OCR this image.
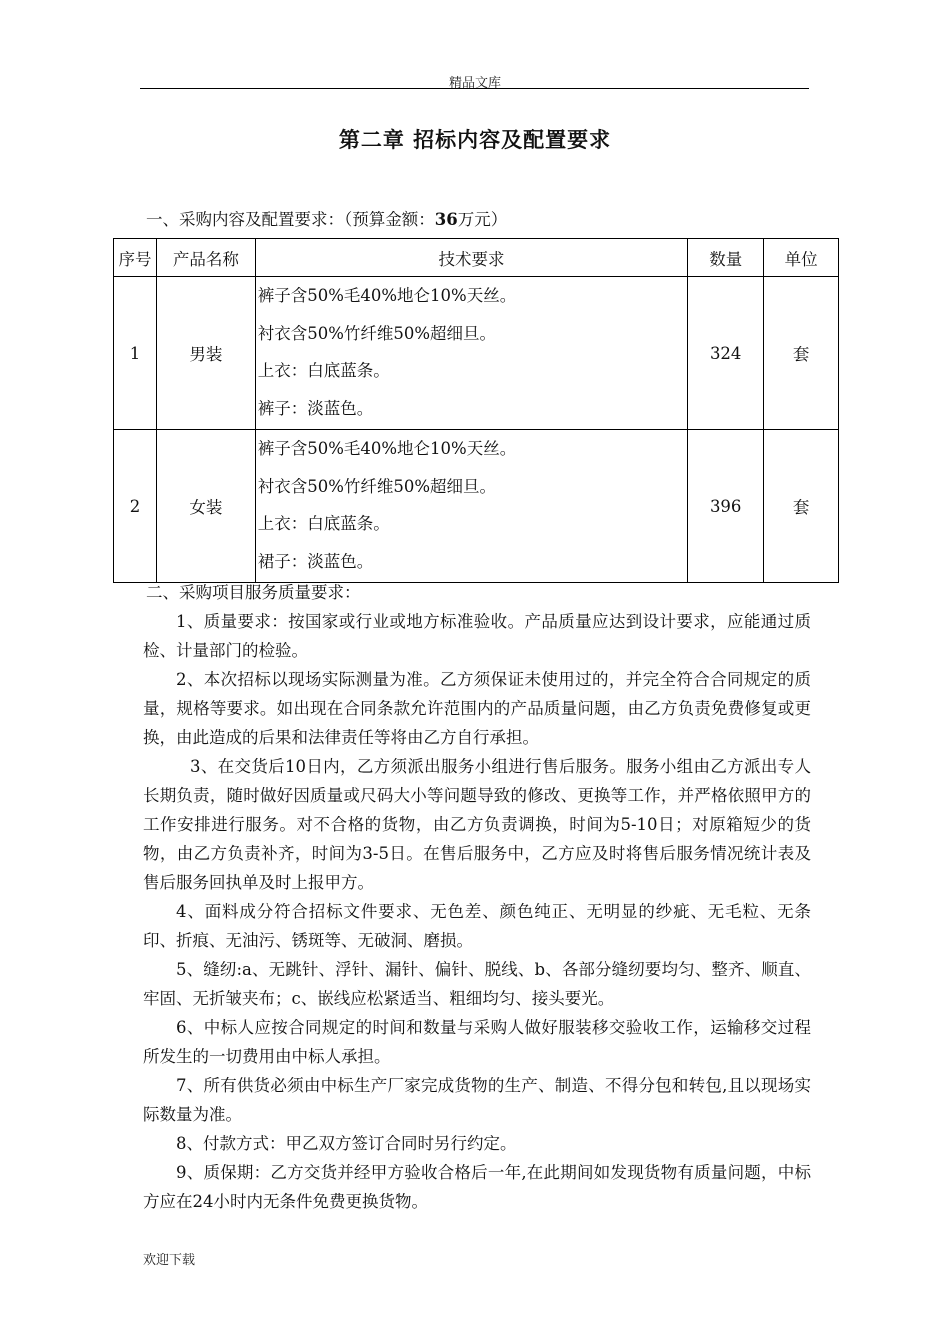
精品文库
第二章 招标内容及配置要求
一、采购内容及配置要求：（预算金额：36万元）
序号	产品名称	技术要求	数量	单位
1	男装	裤子含50%毛40%地仑10%天丝。
衬衣含50%竹纤维50%超细旦。
上衣：白底蓝条。
裤子：淡蓝色。	324	套
2	女装	裤子含50%毛40%地仑10%天丝。
衬衣含50%竹纤维50%超细旦。
上衣：白底蓝条。
裙子：淡蓝色。	396	套

二、采购项目服务质量要求：

1、质量要求：按国家或行业或地方标准验收。产品质量应达到设计要求，应能通过质检、计量部门的检验。

2、本次招标以现场实际测量为准。乙方须保证未使用过的，并完全符合合同规定的质量，规格等要求。如出现在合同条款允许范围内的产品质量问题，由乙方负责免费修复或更换，由此造成的后果和法律责任等将由乙方自行承担。

3、在交货后10日内，乙方须派出服务小组进行售后服务。服务小组由乙方派出专人长期负责，随时做好因质量或尺码大小等问题导致的修改、更换等工作，并严格依照甲方的工作安排进行服务。对不合格的货物，由乙方负责调换，时间为5-10日；对原箱短少的货物，由乙方负责补齐，时间为3-5日。在售后服务中，乙方应及时将售后服务情况统计表及售后服务回执单及时上报甲方。

4、面料成分符合招标文件要求、无色差、颜色纯正、无明显的纱疵、无毛粒、无条印、折痕、无油污、锈斑等、无破洞、磨损。

5、缝纫:a、无跳针、浮针、漏针、偏针、脱线、b、各部分缝纫要均匀、整齐、顺直、牢固、无折皱夹布；c、嵌线应松紧适当、粗细均匀、接头要光。

6、中标人应按合同规定的时间和数量与采购人做好服装移交验收工作，运输移交过程所发生的一切费用由中标人承担。

7、所有供货必须由中标生产厂家完成货物的生产、制造、不得分包和转包,且以现场实际数量为准。

8、付款方式：甲乙双方签订合同时另行约定。

9、质保期：乙方交货并经甲方验收合格后一年,在此期间如发现货物有质量问题，中标方应在24小时内无条件免费更换货物。

欢迎下载
